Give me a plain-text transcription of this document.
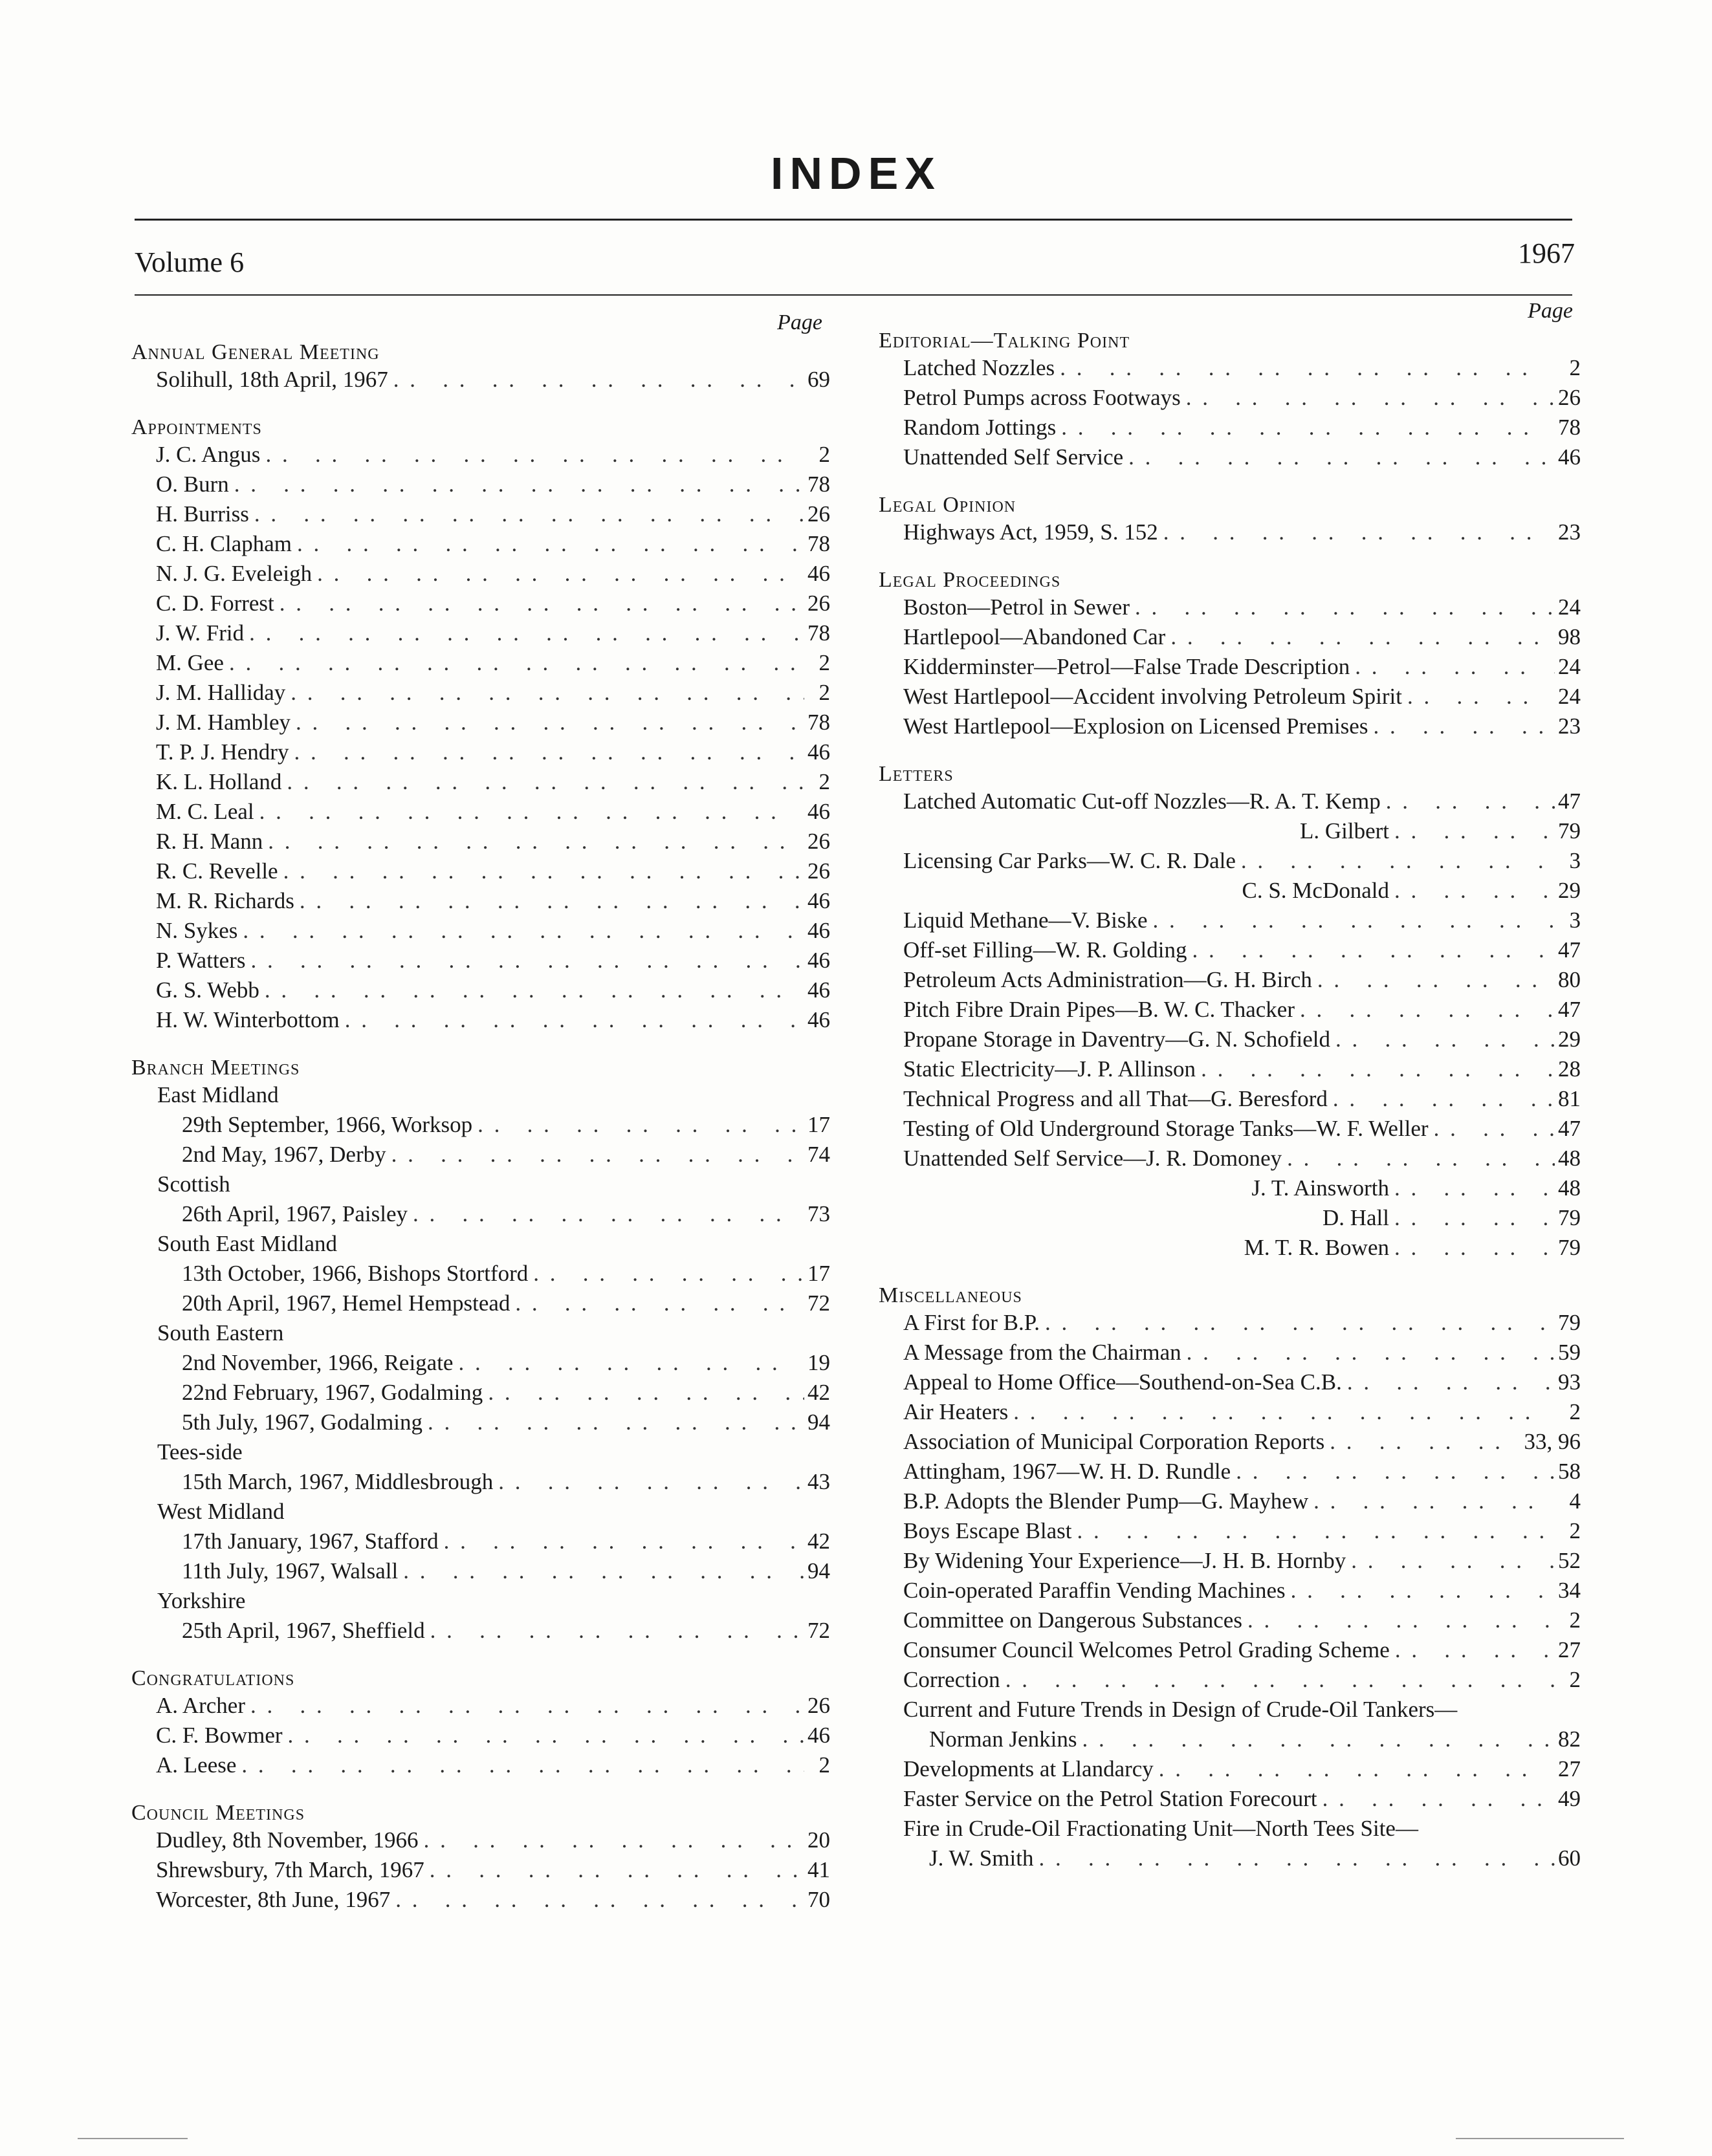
INDEX
Volume 6	1967
Page
Annual General Meeting
Solihull, 18th April, 1967 . .	69
Appointments
J. C. Angus . .	2
O. Burn . .	78
H. Burriss . .	26
C. H. Clapham . .	78
N. J. G. Eveleigh . .	46
C. D. Forrest . .	26
J. W. Frid . .	78
M. Gee . .	2
J. M. Halliday . .	2
J. M. Hambley . .	78
T. P. J. Hendry . .	46
K. L. Holland . .	2
M. C. Leal . .	46
R. H. Mann . .	26
R. C. Revelle . .	26
M. R. Richards . .	46
N. Sykes . .	46
P. Watters . .	46
G. S. Webb . .	46
H. W. Winterbottom . .	46
Branch Meetings
East Midland
29th September, 1966, Worksop . .	17
2nd May, 1967, Derby . .	74
Scottish
26th April, 1967, Paisley . .	73
South East Midland
13th October, 1966, Bishops Stortford . .	17
20th April, 1967, Hemel Hempstead . .	72
South Eastern
2nd November, 1966, Reigate . .	19
22nd February, 1967, Godalming . .	42
5th July, 1967, Godalming . .	94
Tees-side
15th March, 1967, Middlesbrough . .	43
West Midland
17th January, 1967, Stafford . .	42
11th July, 1967, Walsall . .	94
Yorkshire
25th April, 1967, Sheffield . .	72
Congratulations
A. Archer . .	26
C. F. Bowmer . .	46
A. Leese . .	2
Council Meetings
Dudley, 8th November, 1966 . .	20
Shrewsbury, 7th March, 1967 . .	41
Worcester, 8th June, 1967 . .	70
Page
Editorial—Talking Point
Latched Nozzles . .	2
Petrol Pumps across Footways . .	26
Random Jottings . .	78
Unattended Self Service . .	46
Legal Opinion
Highways Act, 1959, S. 152 . .	23
Legal Proceedings
Boston—Petrol in Sewer . .	24
Hartlepool—Abandoned Car . .	98
Kidderminster—Petrol—False Trade Description . .	24
West Hartlepool—Accident involving Petroleum Spirit . .	24
West Hartlepool—Explosion on Licensed Premises . .	23
Letters
Latched Automatic Cut-off Nozzles—R. A. T. Kemp . .	47
L. Gilbert . .	79
Licensing Car Parks—W. C. R. Dale . .	3
C. S. McDonald . .	29
Liquid Methane—V. Biske . .	3
Off-set Filling—W. R. Golding . .	47
Petroleum Acts Administration—G. H. Birch . .	80
Pitch Fibre Drain Pipes—B. W. C. Thacker . .	47
Propane Storage in Daventry—G. N. Schofield . .	29
Static Electricity—J. P. Allinson . .	28
Technical Progress and all That—G. Beresford . .	81
Testing of Old Underground Storage Tanks—W. F. Weller . .	47
Unattended Self Service—J. R. Domoney . .	48
J. T. Ainsworth . .	48
D. Hall . .	79
M. T. R. Bowen . .	79
Miscellaneous
A First for B.P. . .	79
A Message from the Chairman . .	59
Appeal to Home Office—Southend-on-Sea C.B. . .	93
Air Heaters . .	2
Association of Municipal Corporation Reports . .	33, 96
Attingham, 1967—W. H. D. Rundle . .	58
B.P. Adopts the Blender Pump—G. Mayhew . .	4
Boys Escape Blast . .	2
By Widening Your Experience—J. H. B. Hornby . .	52
Coin-operated Paraffin Vending Machines . .	34
Committee on Dangerous Substances . .	2
Consumer Council Welcomes Petrol Grading Scheme . .	27
Correction . .	2
Current and Future Trends in Design of Crude-Oil Tankers—
Norman Jenkins . .	82
Developments at Llandarcy . .	27
Faster Service on the Petrol Station Forecourt . .	49
Fire in Crude-Oil Fractionating Unit—North Tees Site—
J. W. Smith . .	60
